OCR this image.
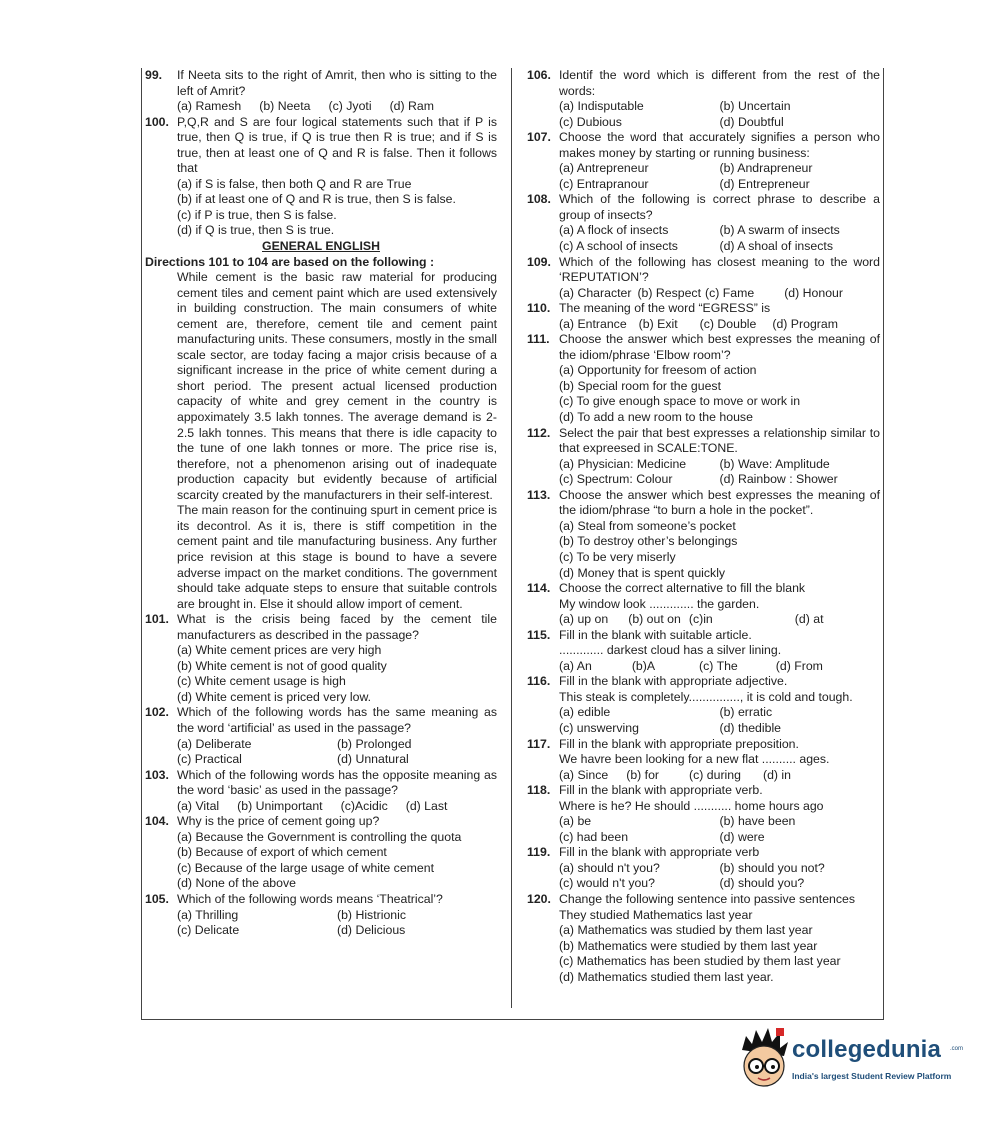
99. If Neeta sits to the right of Amrit, then who is sitting to the left of Amrit?
(a) Ramesh (b) Neeta (c) Jyoti (d) Ram
100. P,Q,R and S are four logical statements such that if P is true, then Q is true, if Q is true then R is true; and if S is true, then at least one of Q and R is false. Then it follows that
(a) if S is false, then both Q and R are True
(b) if at least one of Q and R is true, then S is false.
(c) if P is true, then S is false.
(d) if Q is true, then S is true.
GENERAL ENGLISH
Directions 101 to 104 are based on the following :

While cement is the basic raw material for producing cement tiles and cement paint which are used extensively in building construction. The main consumers of white cement are, therefore, cement tile and cement paint manufacturing units. These consumers, mostly in the small scale sector, are today facing a major crisis because of a significant increase in the price of white cement during a short period. The present actual licensed production capacity of white and grey cement in the country is appoximately 3.5 lakh tonnes. The average demand is 2-2.5 lakh tonnes. This means that there is idle capacity to the tune of one lakh tonnes or more. The price rise is, therefore, not a phenomenon arising out of inadequate production capacity but evidently because of artificial scarcity created by the manufacturers in their self-interest.

The main reason for the continuing spurt in cement price is its decontrol. As it is, there is stiff competition in the cement paint and tile manufacturing business. Any further price revision at this stage is bound to have a severe adverse impact on the market conditions. The government should take adquate steps to ensure that suitable controls are brought in. Else it should allow import of cement.

101. What is the crisis being faced by the cement tile manufacturers as described in the passage?
(a) White cement prices are very high
(b) White cement is not of good quality
(c) White cement usage is high
(d) White cement is priced very low.
102. Which of the following words has the same meaning as the word ‘artificial’ as used in the passage?
(a) Deliberate	(b) Prolonged
(c) Practical	(d) Unnatural
103. Which of the following words has the opposite meaning as the word ‘basic’ as used in the passage?
(a) Vital (b) Unimportant (c)Acidic (d) Last
104. Why is the price of cement going up?
(a) Because the Government is controlling the quota
(b) Because of export of which cement
(c) Because of the large usage of white cement
(d) None of the above
105. Which of the following words means ‘Theatrical’?
(a) Thrilling	(b) Histrionic
(c) Delicate	(d) Delicious
106. Identif the word which is different from the rest of the words:
(a) Indisputable	(b) Uncertain
(c) Dubious	(d) Doubtful
107. Choose the word that accurately signifies a person who makes money by starting or running business:
(a) Antrepreneur	(b) Andrapreneur
(c) Entrapranour	(d) Entrepreneur
108. Which of the following is correct phrase to describe a group of insects?
(a) A flock of insects	(b) A swarm of insects
(c) A school of insects	(d) A shoal of insects
109. Which of the following has closest meaning to the word ‘REPUTATION’?
(a) Character (b) Respect (c) Fame (d) Honour
110. The meaning of the word “EGRESS” is
(a) Entrance (b) Exit (c) Double (d) Program
111. Choose the answer which best expresses the meaning of the idiom/phrase ‘Elbow room’?
(a) Opportunity for freesom of action
(b) Special room for the guest
(c) To give enough space to move or work in
(d) To add a new room to the house
112. Select the pair that best expresses a relationship similar to that expreesed in SCALE:TONE.
(a) Physician: Medicine	(b) Wave: Amplitude
(c) Spectrum: Colour	(d) Rainbow : Shower
113. Choose the answer which best expresses the meaning of the idiom/phrase “to burn a hole in the pocket”.
(a) Steal from someone’s pocket
(b) To destroy other’s belongings
(c) To be very miserly
(d) Money that is spent quickly
114. Choose the correct alternative to fill the blank
My window look ............. the garden.
(a) up on (b) out on (c)in	(d) at
115. Fill in the blank with suitable article.
............. darkest cloud has a silver lining.
(a) An	(b)A	(c) The	(d) From
116. Fill in the blank with appropriate adjective.
This steak is completely..............., it is cold and tough.
(a) edible	(b) erratic
(c) unswerving	(d) thedible
117. Fill in the blank with appropriate preposition.
We havre been looking for a new flat .......... ages.
(a) Since (b) for (c) during (d) in
118. Fill in the blank with appropriate verb.
Where is he? He should ........... home hours ago
(a) be	(b) have been
(c) had been	(d) were
119. Fill in the blank with appropriate verb
(a) should n't you?	(b) should you not?
(c) would n't you?	(d) should you?
120. Change the following sentence into passive sentences
They studied Mathematics last year
(a) Mathematics was studied by them last year
(b) Mathematics were studied by them last year
(c) Mathematics has been studied by them last year
(d) Mathematics studied them last year.
collegedunia .com
India's largest Student Review Platform
